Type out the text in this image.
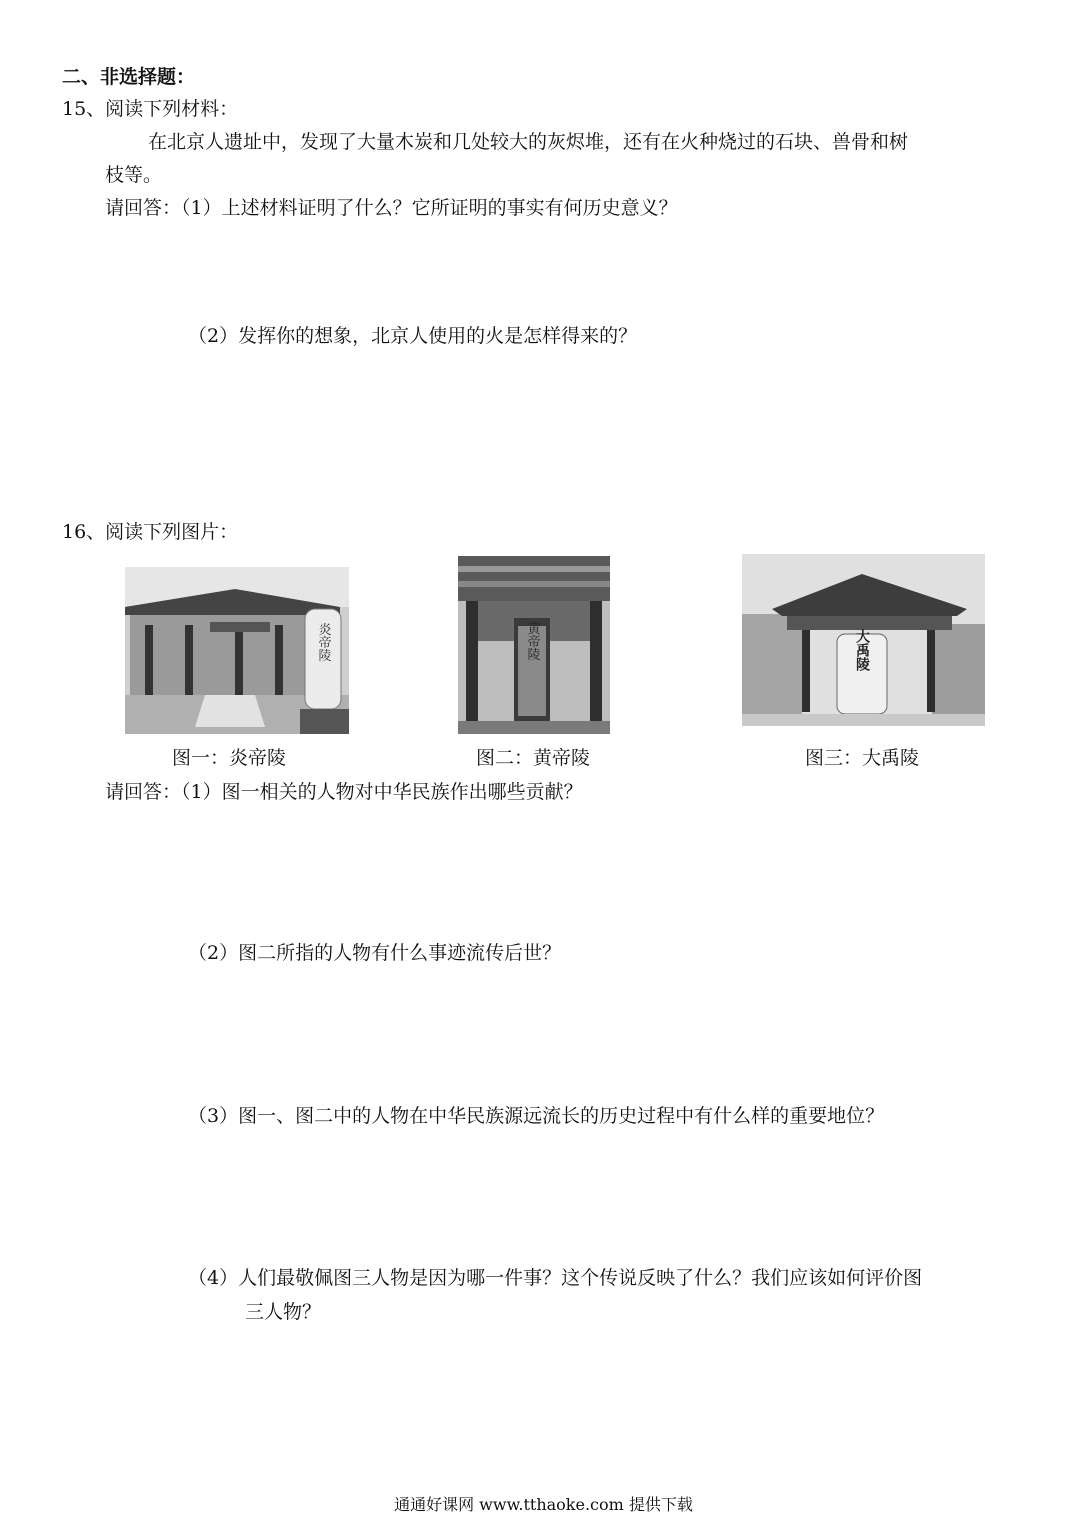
二、非选择题：
15、阅读下列材料：
在北京人遗址中，发现了大量木炭和几处较大的灰烬堆，还有在火种烧过的石块、兽骨和树
枝等。
请回答：（1）上述材料证明了什么？它所证明的事实有何历史意义？
（2）发挥你的想象，北京人使用的火是怎样得来的？
16、阅读下列图片：
炎帝陵	黄帝陵	大禹陵
图一：炎帝陵	图二：黄帝陵	图三：大禹陵
请回答：（1）图一相关的人物对中华民族作出哪些贡献？
（2）图二所指的人物有什么事迹流传后世？
（3）图一、图二中的人物在中华民族源远流长的历史过程中有什么样的重要地位？
（4）人们最敬佩图三人物是因为哪一件事？这个传说反映了什么？我们应该如何评价图
三人物？
通通好课网 www.tthaoke.com 提供下载
